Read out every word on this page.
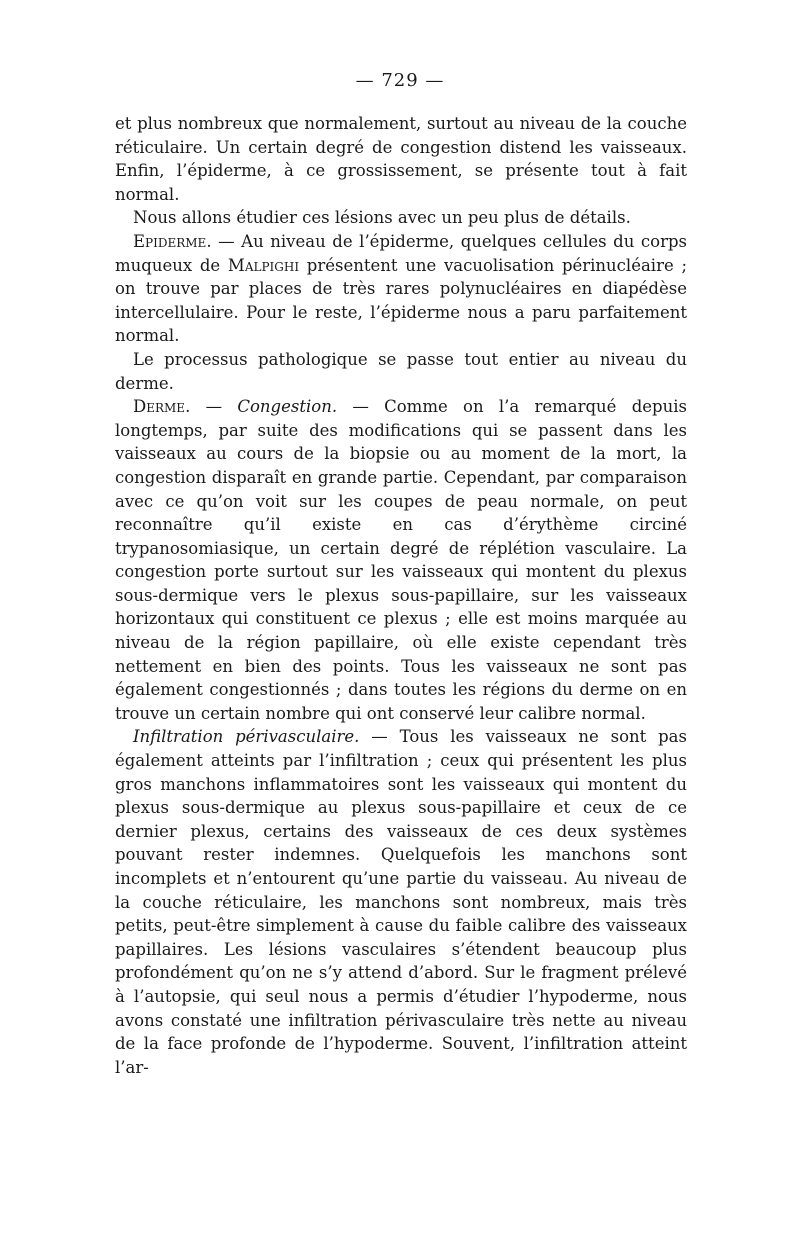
— 729 —

et plus nombreux que normalement, surtout au niveau de la couche réticulaire. Un certain degré de congestion distend les vaisseaux. Enfin, l’épiderme, à ce grossissement, se présente tout à fait normal.

Nous allons étudier ces lésions avec un peu plus de détails.

Epiderme. — Au niveau de l’épiderme, quelques cellules du corps muqueux de Malpighi présentent une vacuolisation périnucléaire ; on trouve par places de très rares polynucléaires en diapédèse intercellulaire. Pour le reste, l’épiderme nous a paru parfaitement normal.

Le processus pathologique se passe tout entier au niveau du derme.

Derme. — Congestion. — Comme on l’a remarqué depuis longtemps, par suite des modifications qui se passent dans les vaisseaux au cours de la biopsie ou au moment de la mort, la congestion disparaît en grande partie. Cependant, par comparaison avec ce qu’on voit sur les coupes de peau normale, on peut reconnaître qu’il existe en cas d’érythème circiné trypanosomiasique, un certain degré de réplétion vasculaire. La congestion porte surtout sur les vaisseaux qui montent du plexus sous-dermique vers le plexus sous-papillaire, sur les vaisseaux horizontaux qui constituent ce plexus ; elle est moins marquée au niveau de la région papillaire, où elle existe cependant très nettement en bien des points. Tous les vaisseaux ne sont pas également congestionnés ; dans toutes les régions du derme on en trouve un certain nombre qui ont conservé leur calibre normal.

Infiltration périvasculaire. — Tous les vaisseaux ne sont pas également atteints par l’infiltration ; ceux qui présentent les plus gros manchons inflammatoires sont les vaisseaux qui montent du plexus sous-dermique au plexus sous-papillaire et ceux de ce dernier plexus, certains des vaisseaux de ces deux systèmes pouvant rester indemnes. Quelquefois les manchons sont incomplets et n’entourent qu’une partie du vaisseau. Au niveau de la couche réticulaire, les manchons sont nombreux, mais très petits, peut-être simplement à cause du faible calibre des vaisseaux papillaires. Les lésions vasculaires s’étendent beaucoup plus profondément qu’on ne s’y attend d’abord. Sur le fragment prélevé à l’autopsie, qui seul nous a permis d’étudier l’hypoderme, nous avons constaté une infiltration périvasculaire très nette au niveau de la face profonde de l’hypoderme. Souvent, l’infiltration atteint l’ar-
